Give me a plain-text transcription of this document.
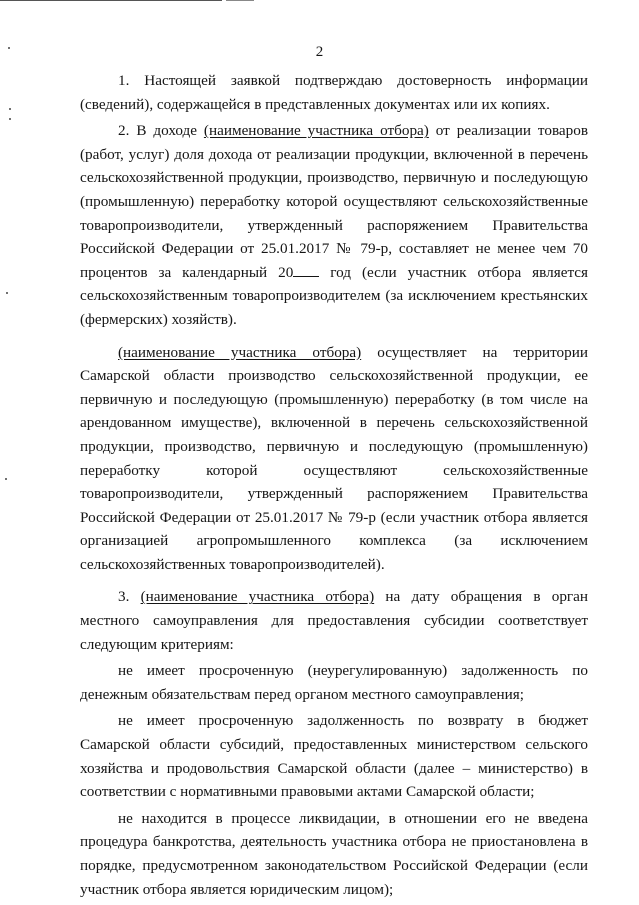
2

1. Настоящей заявкой подтверждаю достоверность информации (сведений), содержащейся в представленных документах или их копиях.

2. В доходе (наименование участника отбора) от реализации товаров (работ, услуг) доля дохода от реализации продукции, включенной в перечень сельскохозяйственной продукции, производство, первичную и последующую (промышленную) переработку которой осуществляют сельскохозяйственные товаропроизводители, утвержденный распоряжением Правительства Российской Федерации от 25.01.2017 № 79-р, составляет не менее чем 70 процентов за календарный 20 год (если участник отбора является сельскохозяйственным товаропроизводителем (за исключением крестьянских (фермерских) хозяйств).

(наименование участника отбора) осуществляет на территории Самарской области производство сельскохозяйственной продукции, ее первичную и последующую (промышленную) переработку (в том числе на арендованном имуществе), включенной в перечень сельскохозяйственной продукции, производство, первичную и последующую (промышленную) переработку которой осуществляют сельскохозяйственные товаропроизводители, утвержденный распоряжением Правительства Российской Федерации от 25.01.2017 № 79-р (если участник отбора является организацией агропромышленного комплекса (за исключением сельскохозяйственных товаропроизводителей).

3. (наименование участника отбора) на дату обращения в орган местного самоуправления для предоставления субсидии соответствует следующим критериям:

не имеет просроченную (неурегулированную) задолженность по денежным обязательствам перед органом местного самоуправления;

не имеет просроченную задолженность по возврату в бюджет Самарской области субсидий, предоставленных министерством сельского хозяйства и продовольствия Самарской области (далее – министерство) в соответствии с нормативными правовыми актами Самарской области;

не находится в процессе ликвидации, в отношении его не введена процедура банкротства, деятельность участника отбора не приостановлена в порядке, предусмотренном законодательством Российской Федерации (если участник отбора является юридическим лицом);
